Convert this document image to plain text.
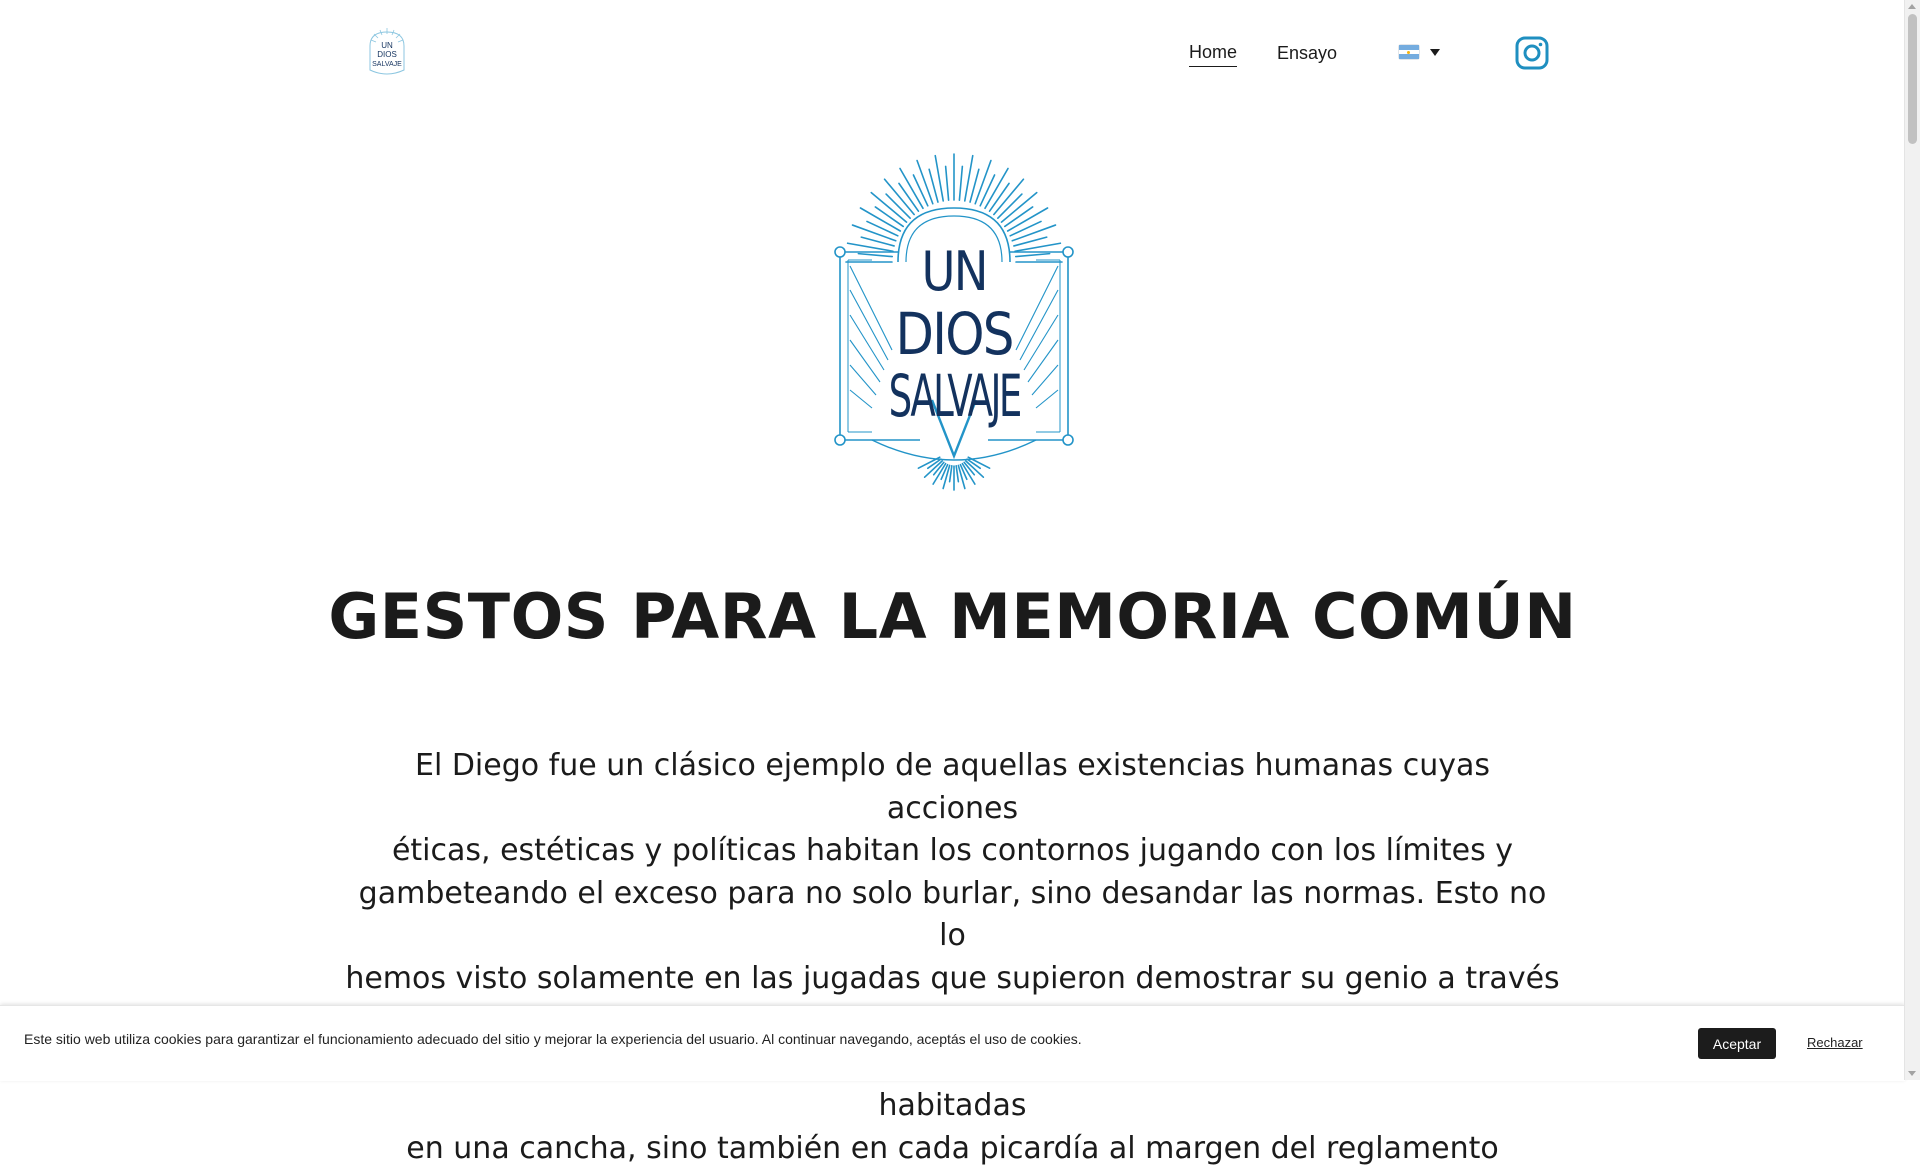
UN
DIOS
SALVAJE
Home Ensayo
UN
DIOS
SALVAJE
GESTOS PARA LA MEMORIA COMÚN
El Diego fue un clásico ejemplo de aquellas existencias humanas cuyas acciones
éticas, estéticas y políticas habitan los contornos jugando con los límites y
gambeteando el exceso para no solo burlar, sino desandar las normas. Esto no lo
hemos visto solamente en las jugadas que supieron demostrar su genio a través
habitadas
en una cancha, sino también en cada picardía al margen del reglamento
Este sitio web utiliza cookies para garantizar el funcionamiento adecuado del sitio y mejorar la experiencia del usuario. Al continuar navegando, aceptás el uso de cookies.	Aceptar	Rechazar
